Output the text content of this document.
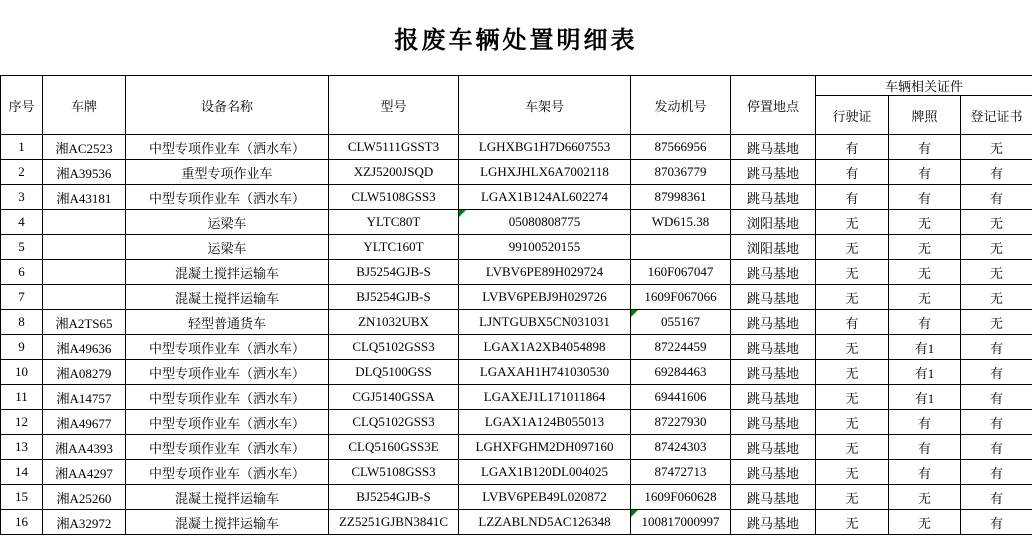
报废车辆处置明细表
序号	车牌	设备名称	型号	车架号	发动机号	停置地点	车辆相关证件		
							行驶证	牌照	登记证书
1	湘AC2523	中型专项作业车（洒水车）	CLW5111GSST3	LGHXBG1H7D6607553	87566956	跳马基地	有	有	无
2	湘A39536	重型专项作业车	XZJ5200JSQD	LGHXJHLX6A7002118	87036779	跳马基地	有	有	有
3	湘A43181	中型专项作业车（洒水车）	CLW5108GSS3	LGAX1B124AL602274	87998361	跳马基地	有	有	有
4		运梁车	YLTC80T	05080808775	WD615.38	浏阳基地	无	无	无
5		运梁车	YLTC160T	99100520155		浏阳基地	无	无	无
6		混凝土搅拌运输车	BJ5254GJB-S	LVBV6PE89H029724	160F067047	跳马基地	无	无	无
7		混凝土搅拌运输车	BJ5254GJB-S	LVBV6PEBJ9H029726	1609F067066	跳马基地	无	无	无
8	湘A2TS65	轻型普通货车	ZN1032UBX	LJNTGUBX5CN031031	055167	跳马基地	有	有	无
9	湘A49636	中型专项作业车（洒水车）	CLQ5102GSS3	LGAX1A2XB4054898	87224459	跳马基地	无	有1	有
10	湘A08279	中型专项作业车（洒水车）	DLQ5100GSS	LGAXAH1H741030530	69284463	跳马基地	无	有1	有
11	湘A14757	中型专项作业车（洒水车）	CGJ5140GSSA	LGAXEJ1L171011864	69441606	跳马基地	无	有1	有
12	湘A49677	中型专项作业车（洒水车）	CLQ5102GSS3	LGAX1A124B055013	87227930	跳马基地	无	有	有
13	湘AA4393	中型专项作业车（洒水车）	CLQ5160GSS3E	LGHXFGHM2DH097160	87424303	跳马基地	无	有	有
14	湘AA4297	中型专项作业车（洒水车）	CLW5108GSS3	LGAX1B120DL004025	87472713	跳马基地	无	有	有
15	湘A25260	混凝土搅拌运输车	BJ5254GJB-S	LVBV6PEB49L020872	1609F060628	跳马基地	无	无	有
16	湘A32972	混凝土搅拌运输车	ZZ5251GJBN3841C	LZZABLND5AC126348	100817000997	跳马基地	无	无	有
